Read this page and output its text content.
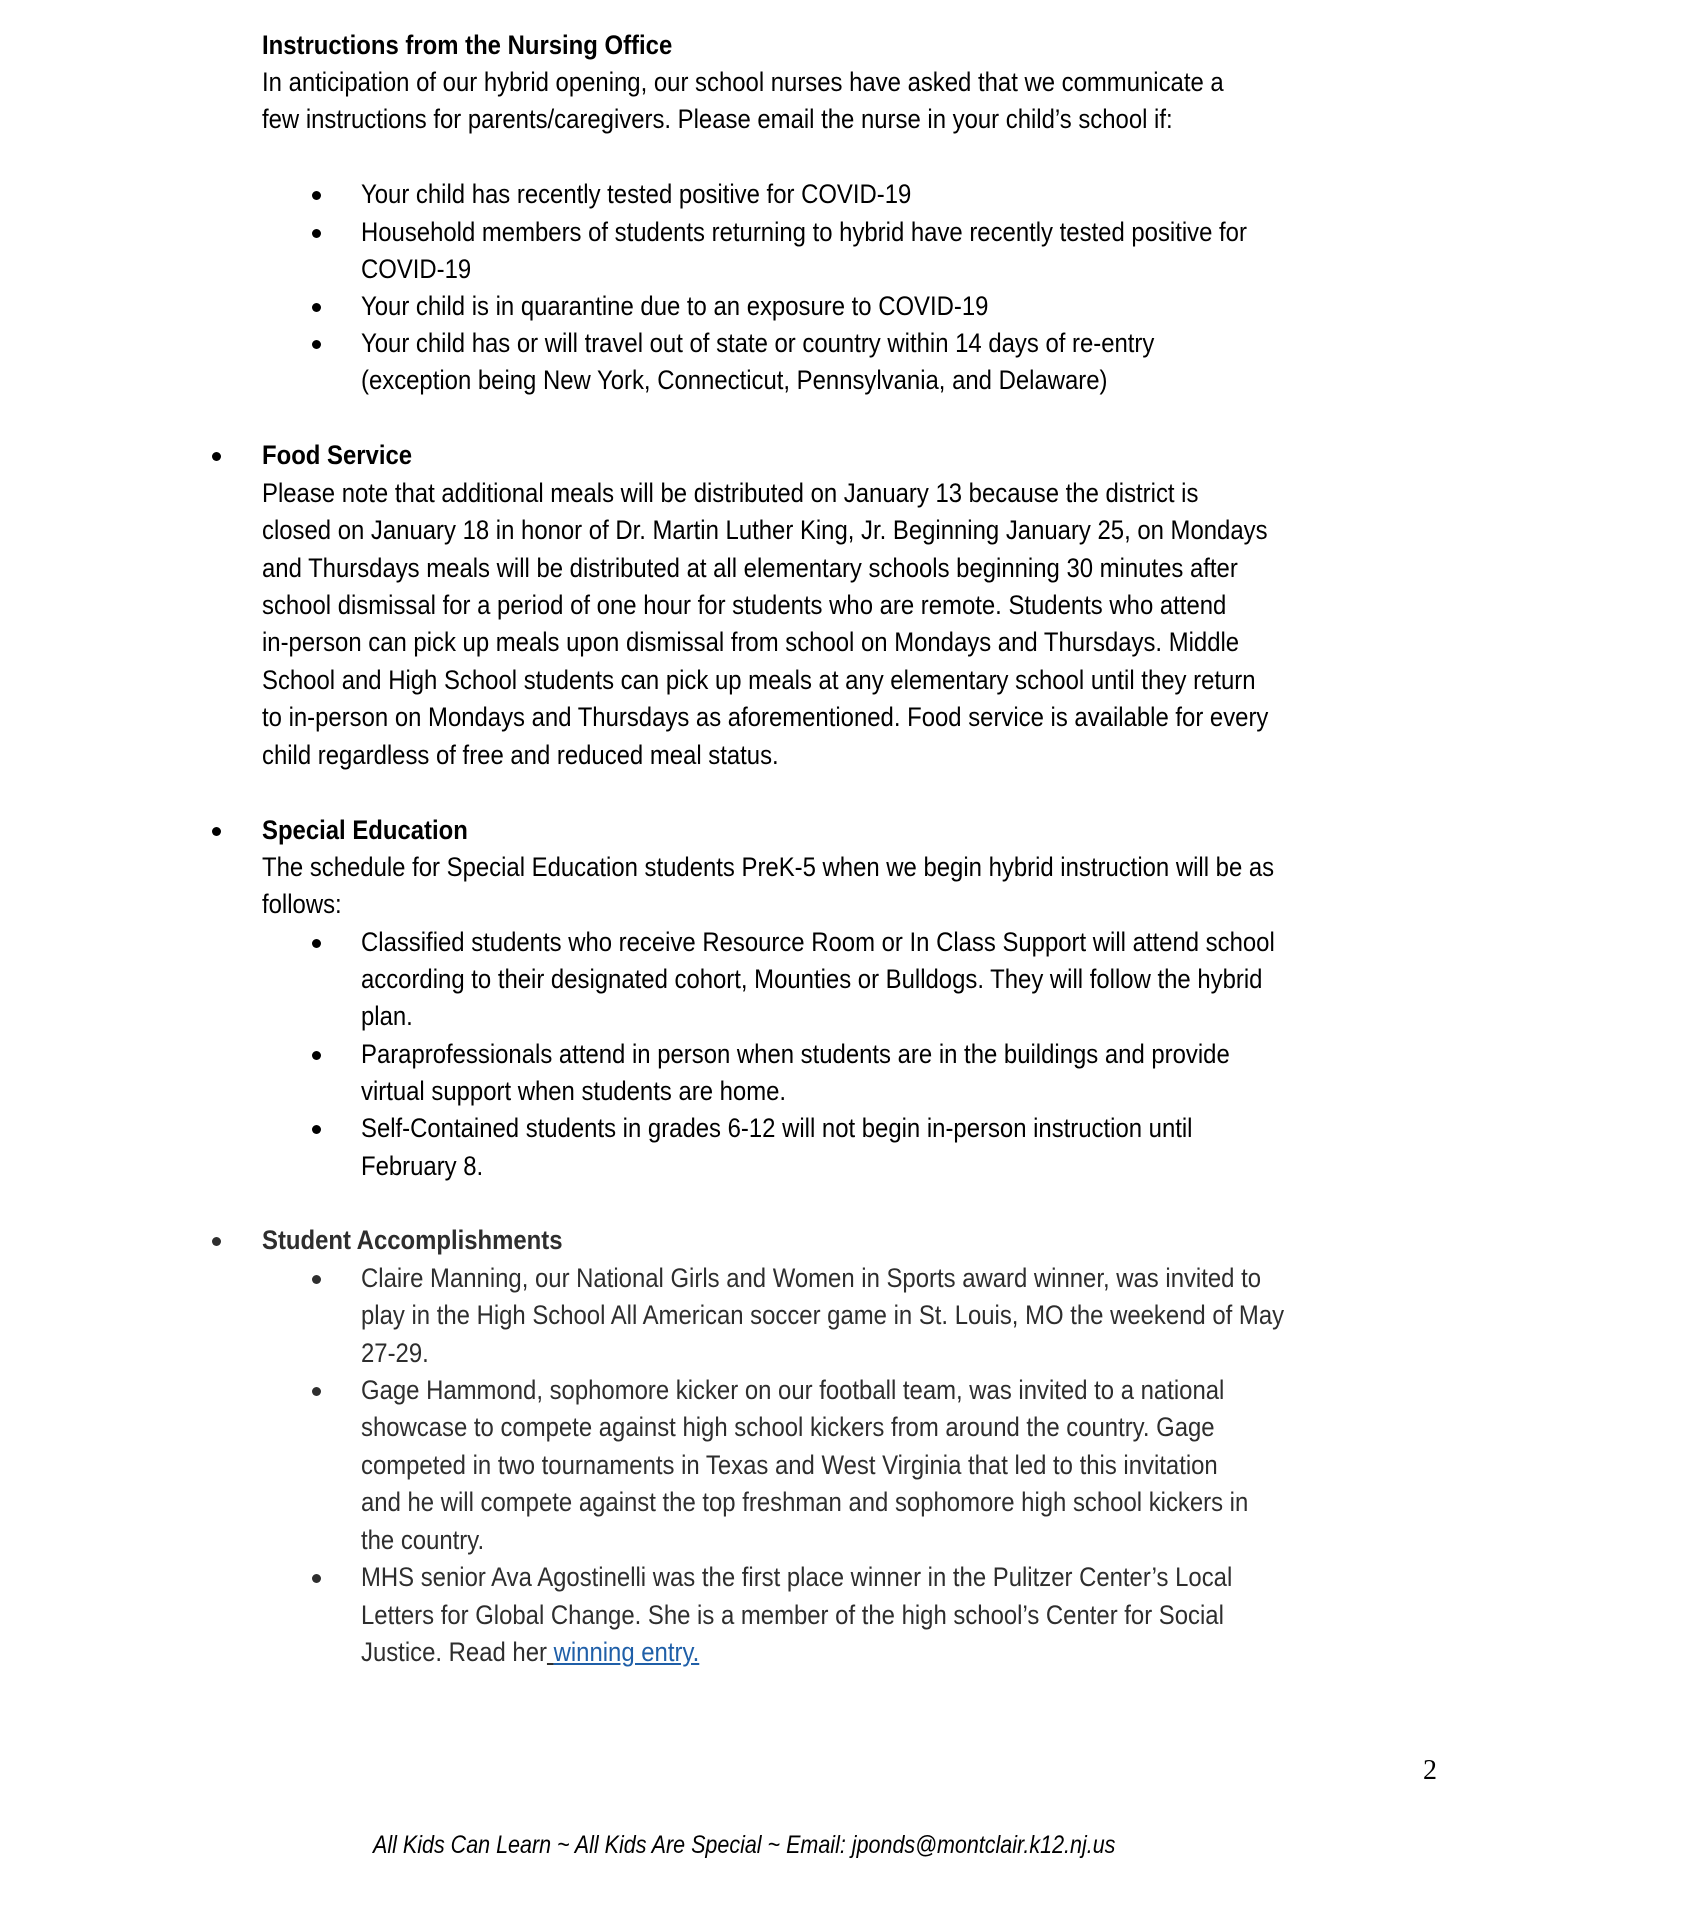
Instructions from the Nursing Office
In anticipation of our hybrid opening, our school nurses have asked that we communicate a
few instructions for parents/caregivers. Please email the nurse in your child’s school if:
Your child has recently tested positive for COVID-19
Household members of students returning to hybrid have recently tested positive for
COVID-19
Your child is in quarantine due to an exposure to COVID-19
Your child has or will travel out of state or country within 14 days of re-entry
(exception being New York, Connecticut, Pennsylvania, and Delaware)
Food Service
Please note that additional meals will be distributed on January 13 because the district is
closed on January 18 in honor of Dr. Martin Luther King, Jr. Beginning January 25, on Mondays
and Thursdays meals will be distributed at all elementary schools beginning 30 minutes after
school dismissal for a period of one hour for students who are remote. Students who attend
in-person can pick up meals upon dismissal from school on Mondays and Thursdays. Middle
School and High School students can pick up meals at any elementary school until they return
to in-person on Mondays and Thursdays as aforementioned. Food service is available for every
child regardless of free and reduced meal status.
Special Education
The schedule for Special Education students PreK-5 when we begin hybrid instruction will be as
follows:
Classified students who receive Resource Room or In Class Support will attend school
according to their designated cohort, Mounties or Bulldogs. They will follow the hybrid
plan.
Paraprofessionals attend in person when students are in the buildings and provide
virtual support when students are home.
Self-Contained students in grades 6-12 will not begin in-person instruction until
February 8.
Student Accomplishments
Claire Manning, our National Girls and Women in Sports award winner, was invited to
play in the High School All American soccer game in St. Louis, MO the weekend of May
27-29.
Gage Hammond, sophomore kicker on our football team, was invited to a national
showcase to compete against high school kickers from around the country. Gage
competed in two tournaments in Texas and West Virginia that led to this invitation
and he will compete against the top freshman and sophomore high school kickers in
the country.
MHS senior Ava Agostinelli was the first place winner in the Pulitzer Center’s Local
Letters for Global Change. She is a member of the high school’s Center for Social
Justice. Read her winning entry.
2
All Kids Can Learn ~ All Kids Are Special ~ Email: jponds@montclair.k12.nj.us
